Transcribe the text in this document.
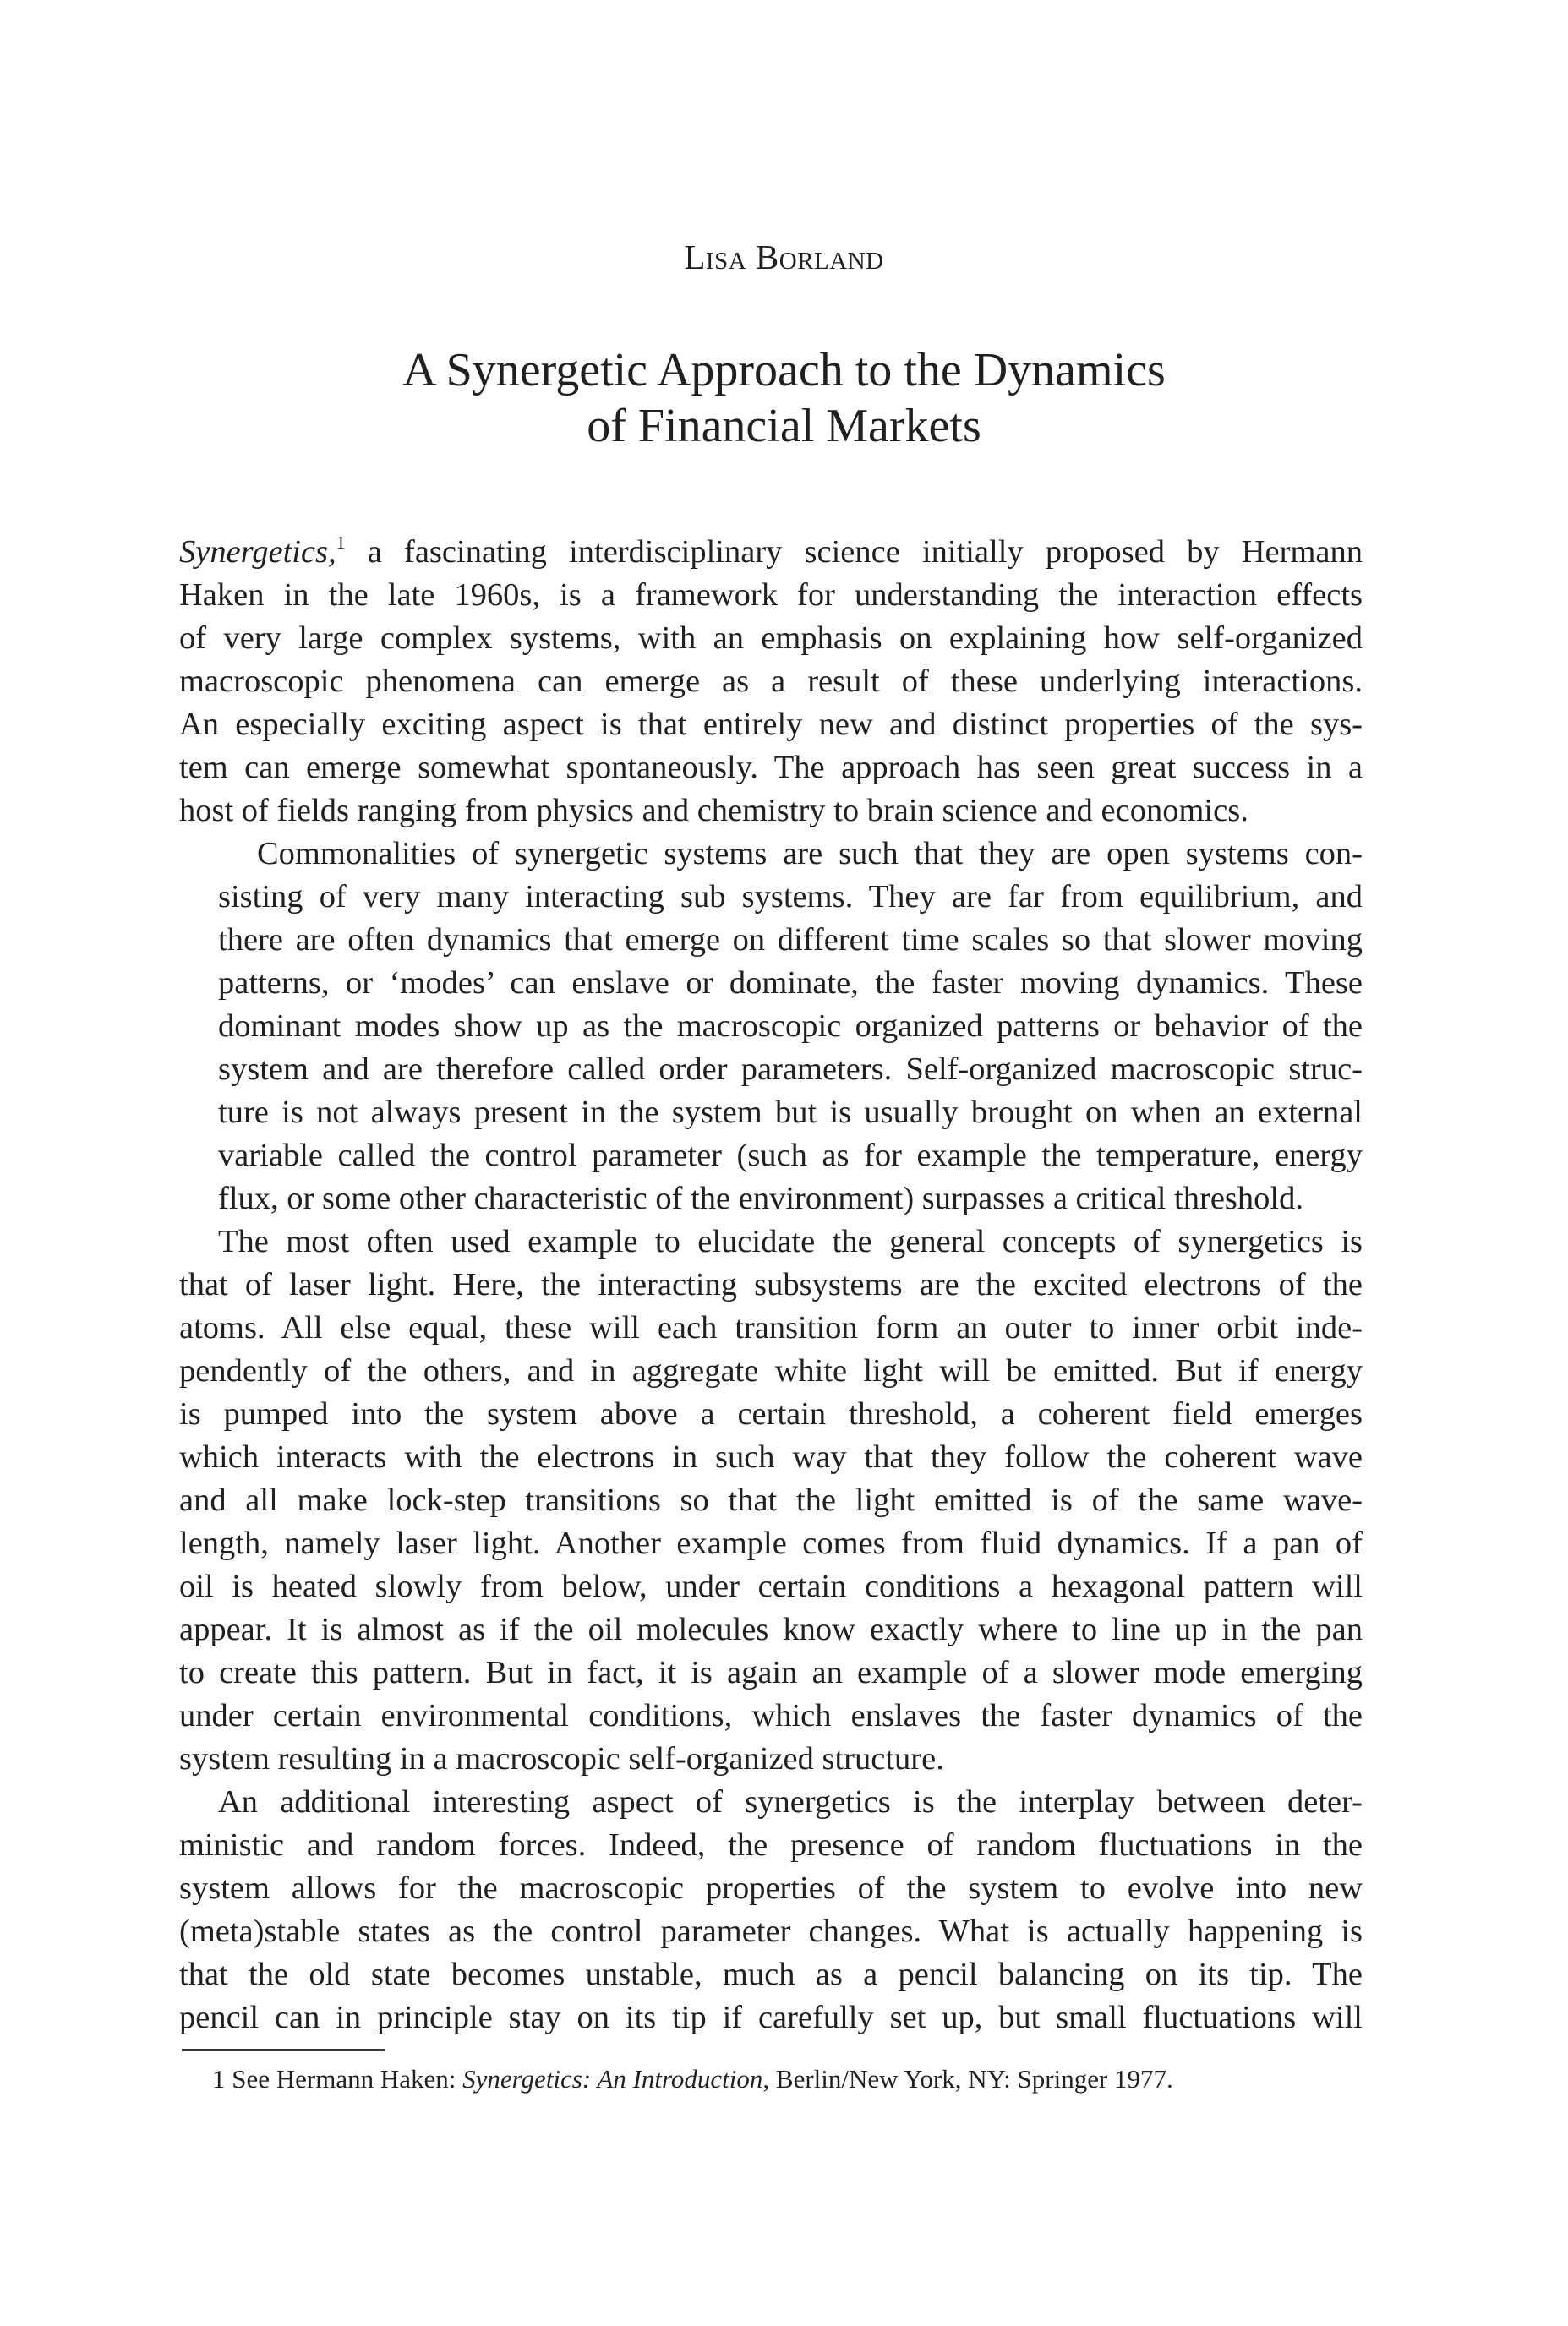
Lisa Borland
A Synergetic Approach to the Dynamics
of Financial Markets

Synergetics,$^1$ a fascinating interdisciplinary science initially proposed by Hermann
Haken in the late 1960s, is a framework for understanding the interaction effects
of very large complex systems, with an emphasis on explaining how self-organized
macroscopic phenomena can emerge as a result of these underlying interactions.
An especially exciting aspect is that entirely new and distinct properties of the sys-
tem can emerge somewhat spontaneously. The approach has seen great success in a
host of fields ranging from physics and chemistry to brain science and economics.

Commonalities of synergetic systems are such that they are open systems con-
sisting of very many interacting sub systems. They are far from equilibrium, and
there are often dynamics that emerge on different time scales so that slower moving
patterns, or ‘modes’ can enslave or dominate, the faster moving dynamics. These
dominant modes show up as the macroscopic organized patterns or behavior of the
system and are therefore called order parameters. Self-organized macroscopic struc-
ture is not always present in the system but is usually brought on when an external
variable called the control parameter (such as for example the temperature, energy
flux, or some other characteristic of the environment) surpasses a critical threshold.

The most often used example to elucidate the general concepts of synergetics is
that of laser light. Here, the interacting subsystems are the excited electrons of the
atoms. All else equal, these will each transition form an outer to inner orbit inde-
pendently of the others, and in aggregate white light will be emitted. But if energy
is pumped into the system above a certain threshold, a coherent field emerges
which interacts with the electrons in such way that they follow the coherent wave
and all make lock-step transitions so that the light emitted is of the same wave-
length, namely laser light. Another example comes from fluid dynamics. If a pan of
oil is heated slowly from below, under certain conditions a hexagonal pattern will
appear. It is almost as if the oil molecules know exactly where to line up in the pan
to create this pattern. But in fact, it is again an example of a slower mode emerging
under certain environmental conditions, which enslaves the faster dynamics of the
system resulting in a macroscopic self-organized structure.

An additional interesting aspect of synergetics is the interplay between deter-
ministic and random forces. Indeed, the presence of random fluctuations in the
system allows for the macroscopic properties of the system to evolve into new
(meta)stable states as the control parameter changes. What is actually happening is
that the old state becomes unstable, much as a pencil balancing on its tip. The
pencil can in principle stay on its tip if carefully set up, but small fluctuations will

1 See Hermann Haken: Synergetics: An Introduction, Berlin/New York, NY: Springer 1977.
